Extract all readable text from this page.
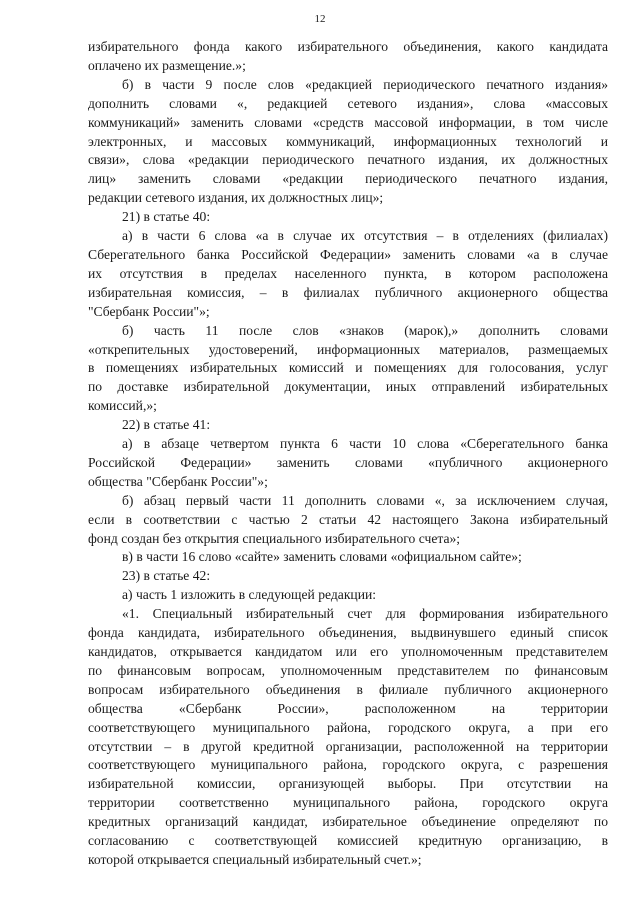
12
избирательного фонда какого избирательного объединения, какого кандидата
оплачено их размещение.»;
б) в части 9 после слов «редакцией периодического печатного издания»
дополнить словами «, редакцией сетевого издания», слова «массовых
коммуникаций» заменить словами «средств массовой информации, в том числе
электронных, и массовых коммуникаций, информационных технологий и
связи», слова «редакции периодического печатного издания, их должностных
лиц» заменить словами «редакции периодического печатного издания,
редакции сетевого издания, их должностных лиц»;
21) в статье 40:
а) в части 6 слова «а в случае их отсутствия – в отделениях (филиалах)
Сберегательного банка Российской Федерации» заменить словами «а в случае
их отсутствия в пределах населенного пункта, в котором расположена
избирательная комиссия, – в филиалах публичного акционерного общества
"Сбербанк России"»;
б) часть 11 после слов «знаков (марок),» дополнить словами
«открепительных удостоверений, информационных материалов, размещаемых
в помещениях избирательных комиссий и помещениях для голосования, услуг
по доставке избирательной документации, иных отправлений избирательных
комиссий,»;
22) в статье 41:
а) в абзаце четвертом пункта 6 части 10 слова «Сберегательного банка
Российской Федерации» заменить словами «публичного акционерного
общества "Сбербанк России"»;
б) абзац первый части 11 дополнить словами «, за исключением случая,
если в соответствии с частью 2 статьи 42 настоящего Закона избирательный
фонд создан без открытия специального избирательного счета»;
в) в части 16 слово «сайте» заменить словами «официальном сайте»;
23) в статье 42:
а) часть 1 изложить в следующей редакции:
«1. Специальный избирательный счет для формирования избирательного
фонда кандидата, избирательного объединения, выдвинувшего единый список
кандидатов, открывается кандидатом или его уполномоченным представителем
по финансовым вопросам, уполномоченным представителем по финансовым
вопросам избирательного объединения в филиале публичного акционерного
общества «Сбербанк России», расположенном на территории
соответствующего муниципального района, городского округа, а при его
отсутствии – в другой кредитной организации, расположенной на территории
соответствующего муниципального района, городского округа, с разрешения
избирательной комиссии, организующей выборы. При отсутствии на
территории соответственно муниципального района, городского округа
кредитных организаций кандидат, избирательное объединение определяют по
согласованию с соответствующей комиссией кредитную организацию, в
которой открывается специальный избирательный счет.»;
